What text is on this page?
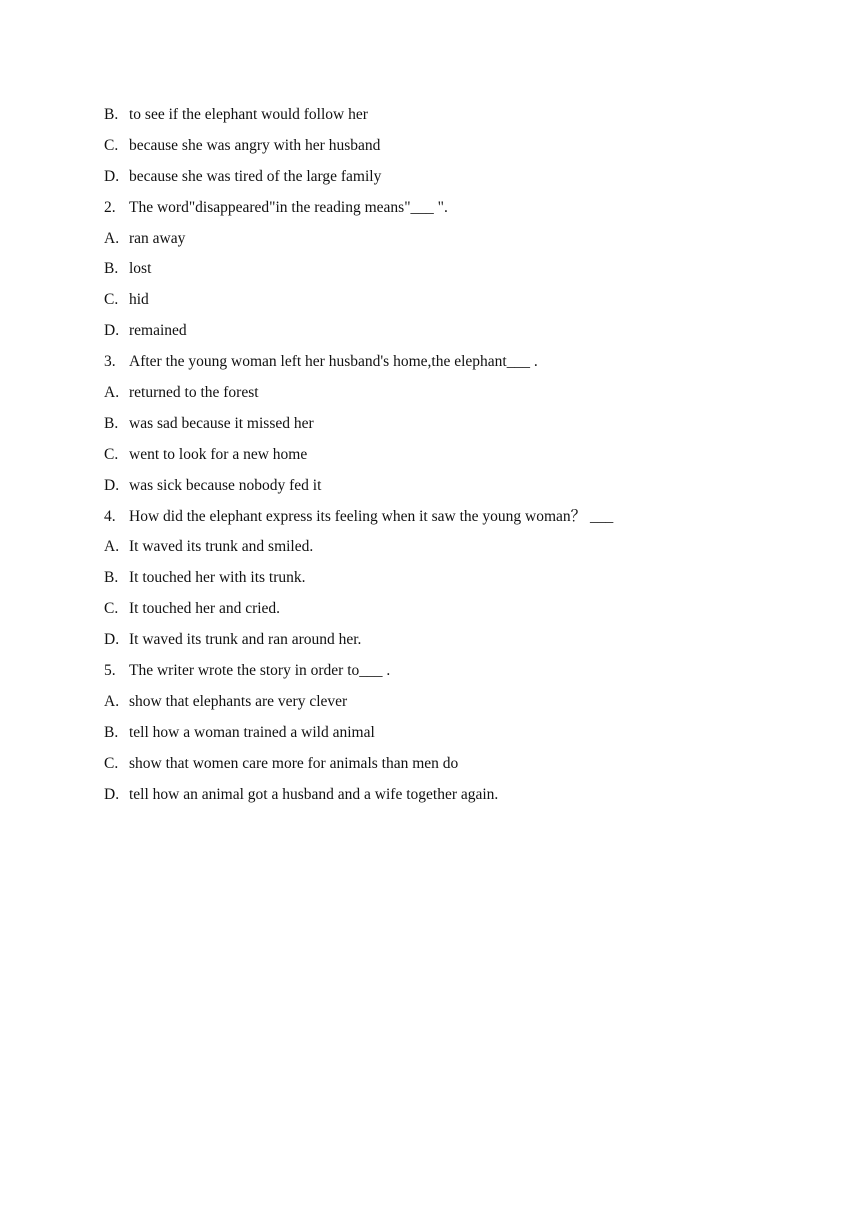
B. to see if the elephant would follow her
C. because she was angry with her husband
D. because she was tired of the large family
2. The word"disappeared"in the reading means"___ ".
A. ran away
B. lost
C. hid
D. remained
3. After the young woman left her husband's home,the elephant___ .
A. returned to the forest
B. was sad because it missed her
C. went to look for a new home
D. was sick because nobody fed it
4. How did the elephant express its feeling when it saw the young woman？ ___
A. It waved its trunk and smiled.
B. It touched her with its trunk.
C. It touched her and cried.
D. It waved its trunk and ran around her.
5. The writer wrote the story in order to___ .
A. show that elephants are very clever
B. tell how a woman trained a wild animal
C. show that women care more for animals than men do
D. tell how an animal got a husband and a wife together again.
